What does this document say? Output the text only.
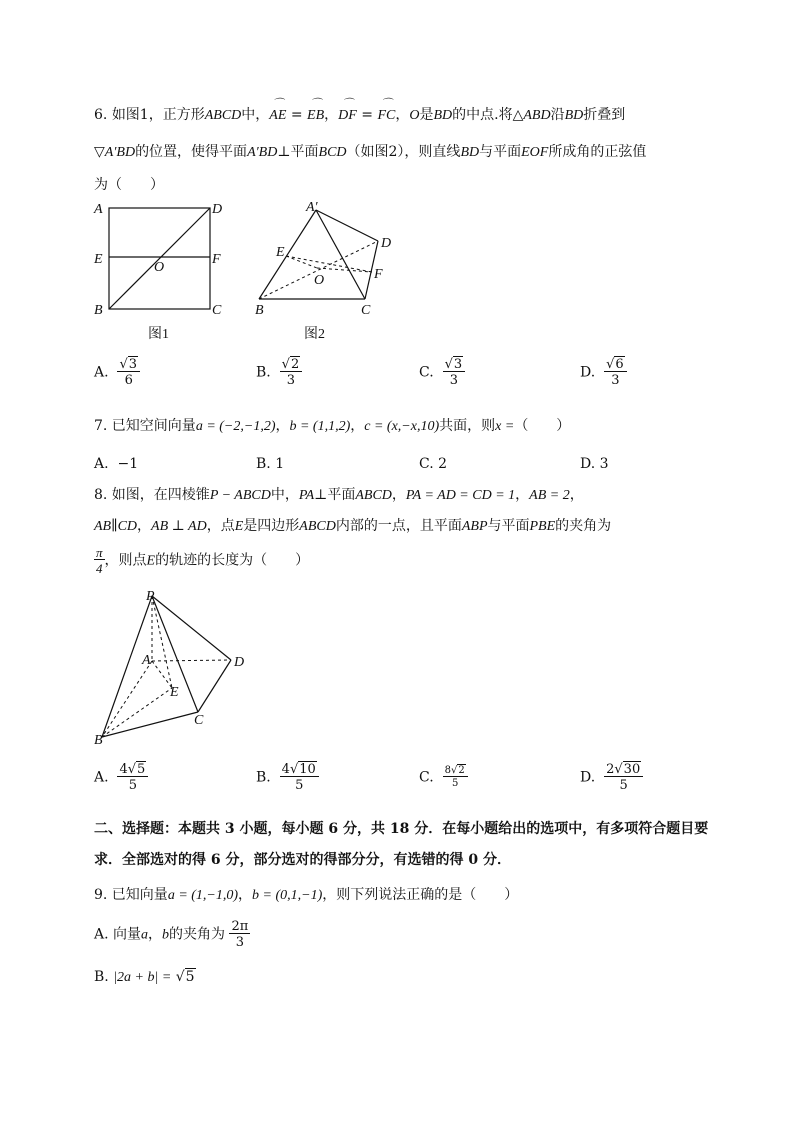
6. 如图1，正方形ABCD中，⌒ AE = ⌒ EB，⌒ DF = ⌒ FC，O是BD的中点.将△ABD沿BD折叠到
▽A′BD的位置，使得平面A′BD⊥平面BCD（如图2），则直线BD与平面EOF所成角的正弦值
为（　　）
A	D
E	F
O
B	C
图1
A′
D
E
F
O
B	C
图2
A. $\frac{√3}{6}$	B. $\frac{√2}{3}$	C. $\frac{√3}{3}$	D. $\frac{√6}{3}$
7. 已知空间向量a = (−2,−1,2)，b = (1,1,2)，c = (x,−x,10)共面，则x =（　　）
A. −1	B. 1	C. 2	D. 3
8. 如图，在四棱锥P − ABCD中，PA⊥平面ABCD，PA = AD = CD = 1，AB = 2，
AB∥CD，AB ⊥ AD，点E是四边形ABCD内部的一点，且平面ABP与平面PBE的夹角为
$\frac{\pi}{4}$ ，则点E的轨迹的长度为（　　）
P
A	D
E
C
B
A. $\frac{4√5}{5}$	B. $\frac{4√10}{5}$	C. $\frac{8√2}{5}$	D. $\frac{2√30}{5}$
二、选择题：本题共 3 小题，每小题 6 分，共 18 分．在每小题给出的选项中，有多项符合题目要
求．全部选对的得 6 分，部分选对的得部分分，有选错的得 0 分．
9. 已知向量a = (1,−1,0)，b = (0,1,−1)，则下列说法正确的是（　　）
A. 向量a，b的夹角为 $\frac{2\pi}{3}$
B. |2a + b| = √5
